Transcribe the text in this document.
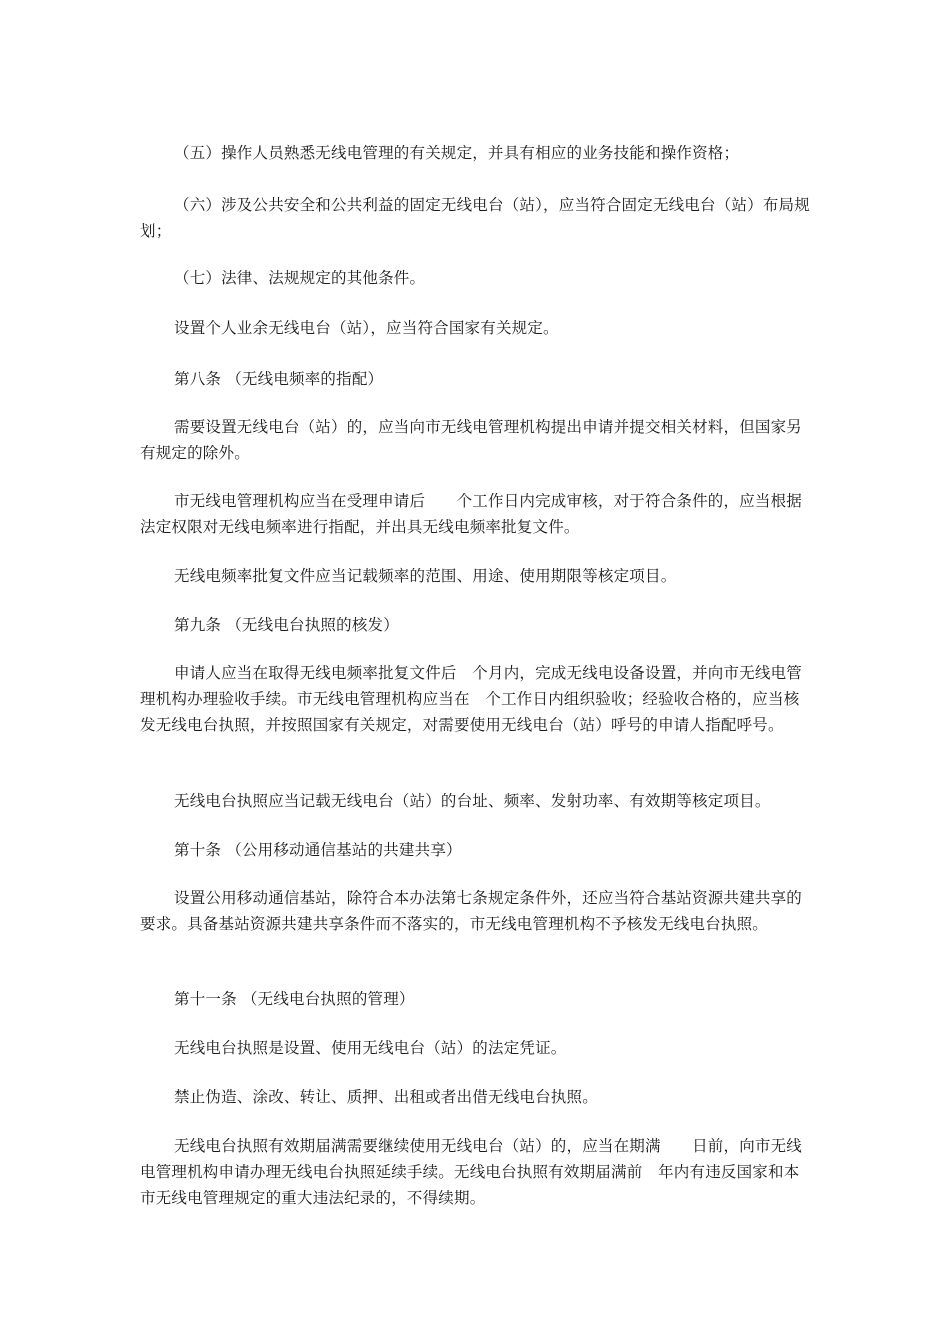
（五）操作人员熟悉无线电管理的有关规定，并具有相应的业务技能和操作资格；

（六）涉及公共安全和公共利益的固定无线电台（站），应当符合固定无线电台（站）布局规划；

（七）法律、法规规定的其他条件。

设置个人业余无线电台（站），应当符合国家有关规定。

第八条 （无线电频率的指配）

需要设置无线电台（站）的，应当向市无线电管理机构提出申请并提交相关材料，但国家另有规定的除外。

市无线电管理机构应当在受理申请后　　个工作日内完成审核，对于符合条件的，应当根据法定权限对无线电频率进行指配，并出具无线电频率批复文件。

无线电频率批复文件应当记载频率的范围、用途、使用期限等核定项目。

第九条 （无线电台执照的核发）

申请人应当在取得无线电频率批复文件后　个月内，完成无线电设备设置，并向市无线电管理机构办理验收手续。市无线电管理机构应当在　个工作日内组织验收；经验收合格的，应当核发无线电台执照，并按照国家有关规定，对需要使用无线电台（站）呼号的申请人指配呼号。

无线电台执照应当记载无线电台（站）的台址、频率、发射功率、有效期等核定项目。

第十条 （公用移动通信基站的共建共享）

设置公用移动通信基站，除符合本办法第七条规定条件外，还应当符合基站资源共建共享的要求。具备基站资源共建共享条件而不落实的，市无线电管理机构不予核发无线电台执照。

第十一条 （无线电台执照的管理）

无线电台执照是设置、使用无线电台（站）的法定凭证。

禁止伪造、涂改、转让、质押、出租或者出借无线电台执照。

无线电台执照有效期届满需要继续使用无线电台（站）的，应当在期满　　日前，向市无线电管理机构申请办理无线电台执照延续手续。无线电台执照有效期届满前　年内有违反国家和本市无线电管理规定的重大违法纪录的，不得续期。
